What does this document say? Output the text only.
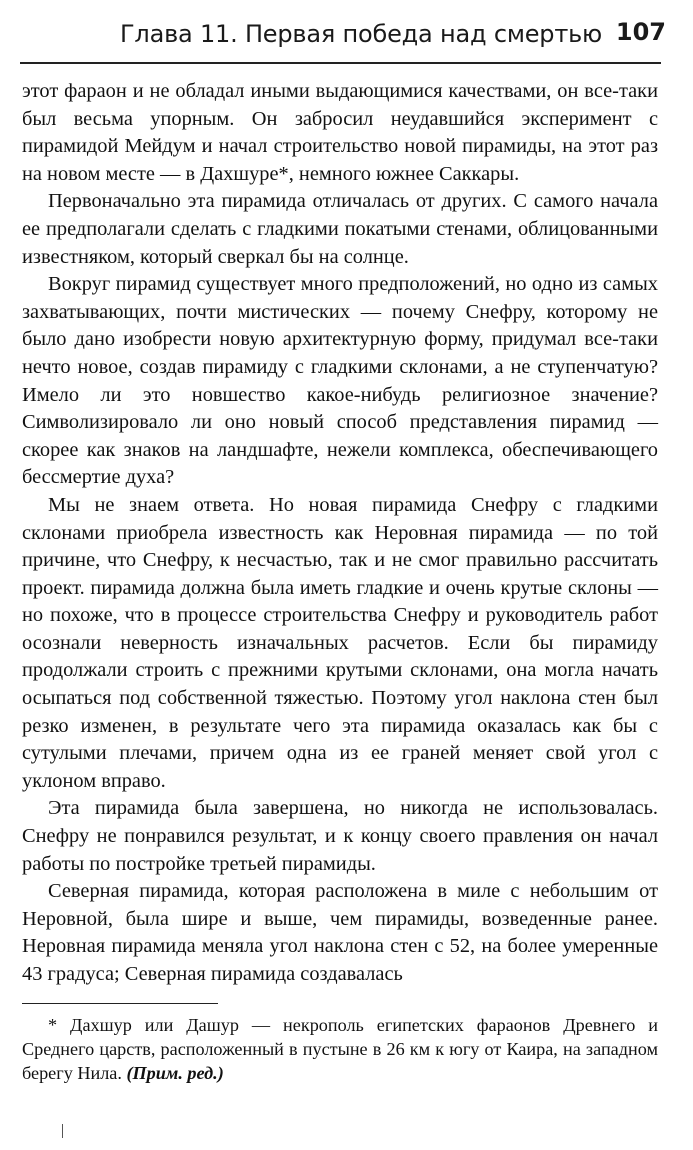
Глава 11. Первая победа над смертью 107

этот фараон и не обладал иными выдающимися качествами, он все-таки был весьма упорным. Он забросил неудавшийся эксперимент с пирамидой Мейдум и начал строительство новой пирамиды, на этот раз на новом месте — в Дахшуре*, немного южнее Саккары.

Первоначально эта пирамида отличалась от других. С самого начала ее предполагали сделать с гладкими покатыми стенами, облицованными известняком, который сверкал бы на солнце.

Вокруг пирамид существует много предположений, но одно из самых захватывающих, почти мистических — почему Снефру, которому не было дано изобрести новую архитектурную форму, придумал все-таки нечто новое, создав пирамиду с гладкими склонами, а не ступенчатую? Имело ли это новшество какое-нибудь религиозное значение? Символизировало ли оно новый способ представления пирамид — скорее как знаков на ландшафте, нежели комплекса, обеспечивающего бессмертие духа?

Мы не знаем ответа. Но новая пирамида Снефру с гладкими склонами приобрела известность как Неровная пирамида — по той причине, что Снефру, к несчастью, так и не смог правильно рассчитать проект. пирамида должна была иметь гладкие и очень крутые склоны — но похоже, что в процессе строительства Снефру и руководитель работ осознали неверность изначальных расчетов. Если бы пирамиду продолжали строить с прежними крутыми склонами, она могла начать осыпаться под собственной тяжестью. Поэтому угол наклона стен был резко изменен, в результате чего эта пирамида оказалась как бы с сутулыми плечами, причем одна из ее граней меняет свой угол с уклоном вправо.

Эта пирамида была завершена, но никогда не использовалась. Снефру не понравился результат, и к концу своего правления он начал работы по постройке третьей пирамиды.

Северная пирамида, которая расположена в миле с небольшим от Неровной, была шире и выше, чем пирамиды, возведенные ранее. Неровная пирамида меняла угол наклона стен с 52, на более умеренные 43 градуса; Северная пирамида создавалась

* Дахшур или Дашур — некрополь египетских фараонов Древнего и Среднего царств, расположенный в пустыне в 26 км к югу от Каира, на западном берегу Нила. (Прим. ред.)
